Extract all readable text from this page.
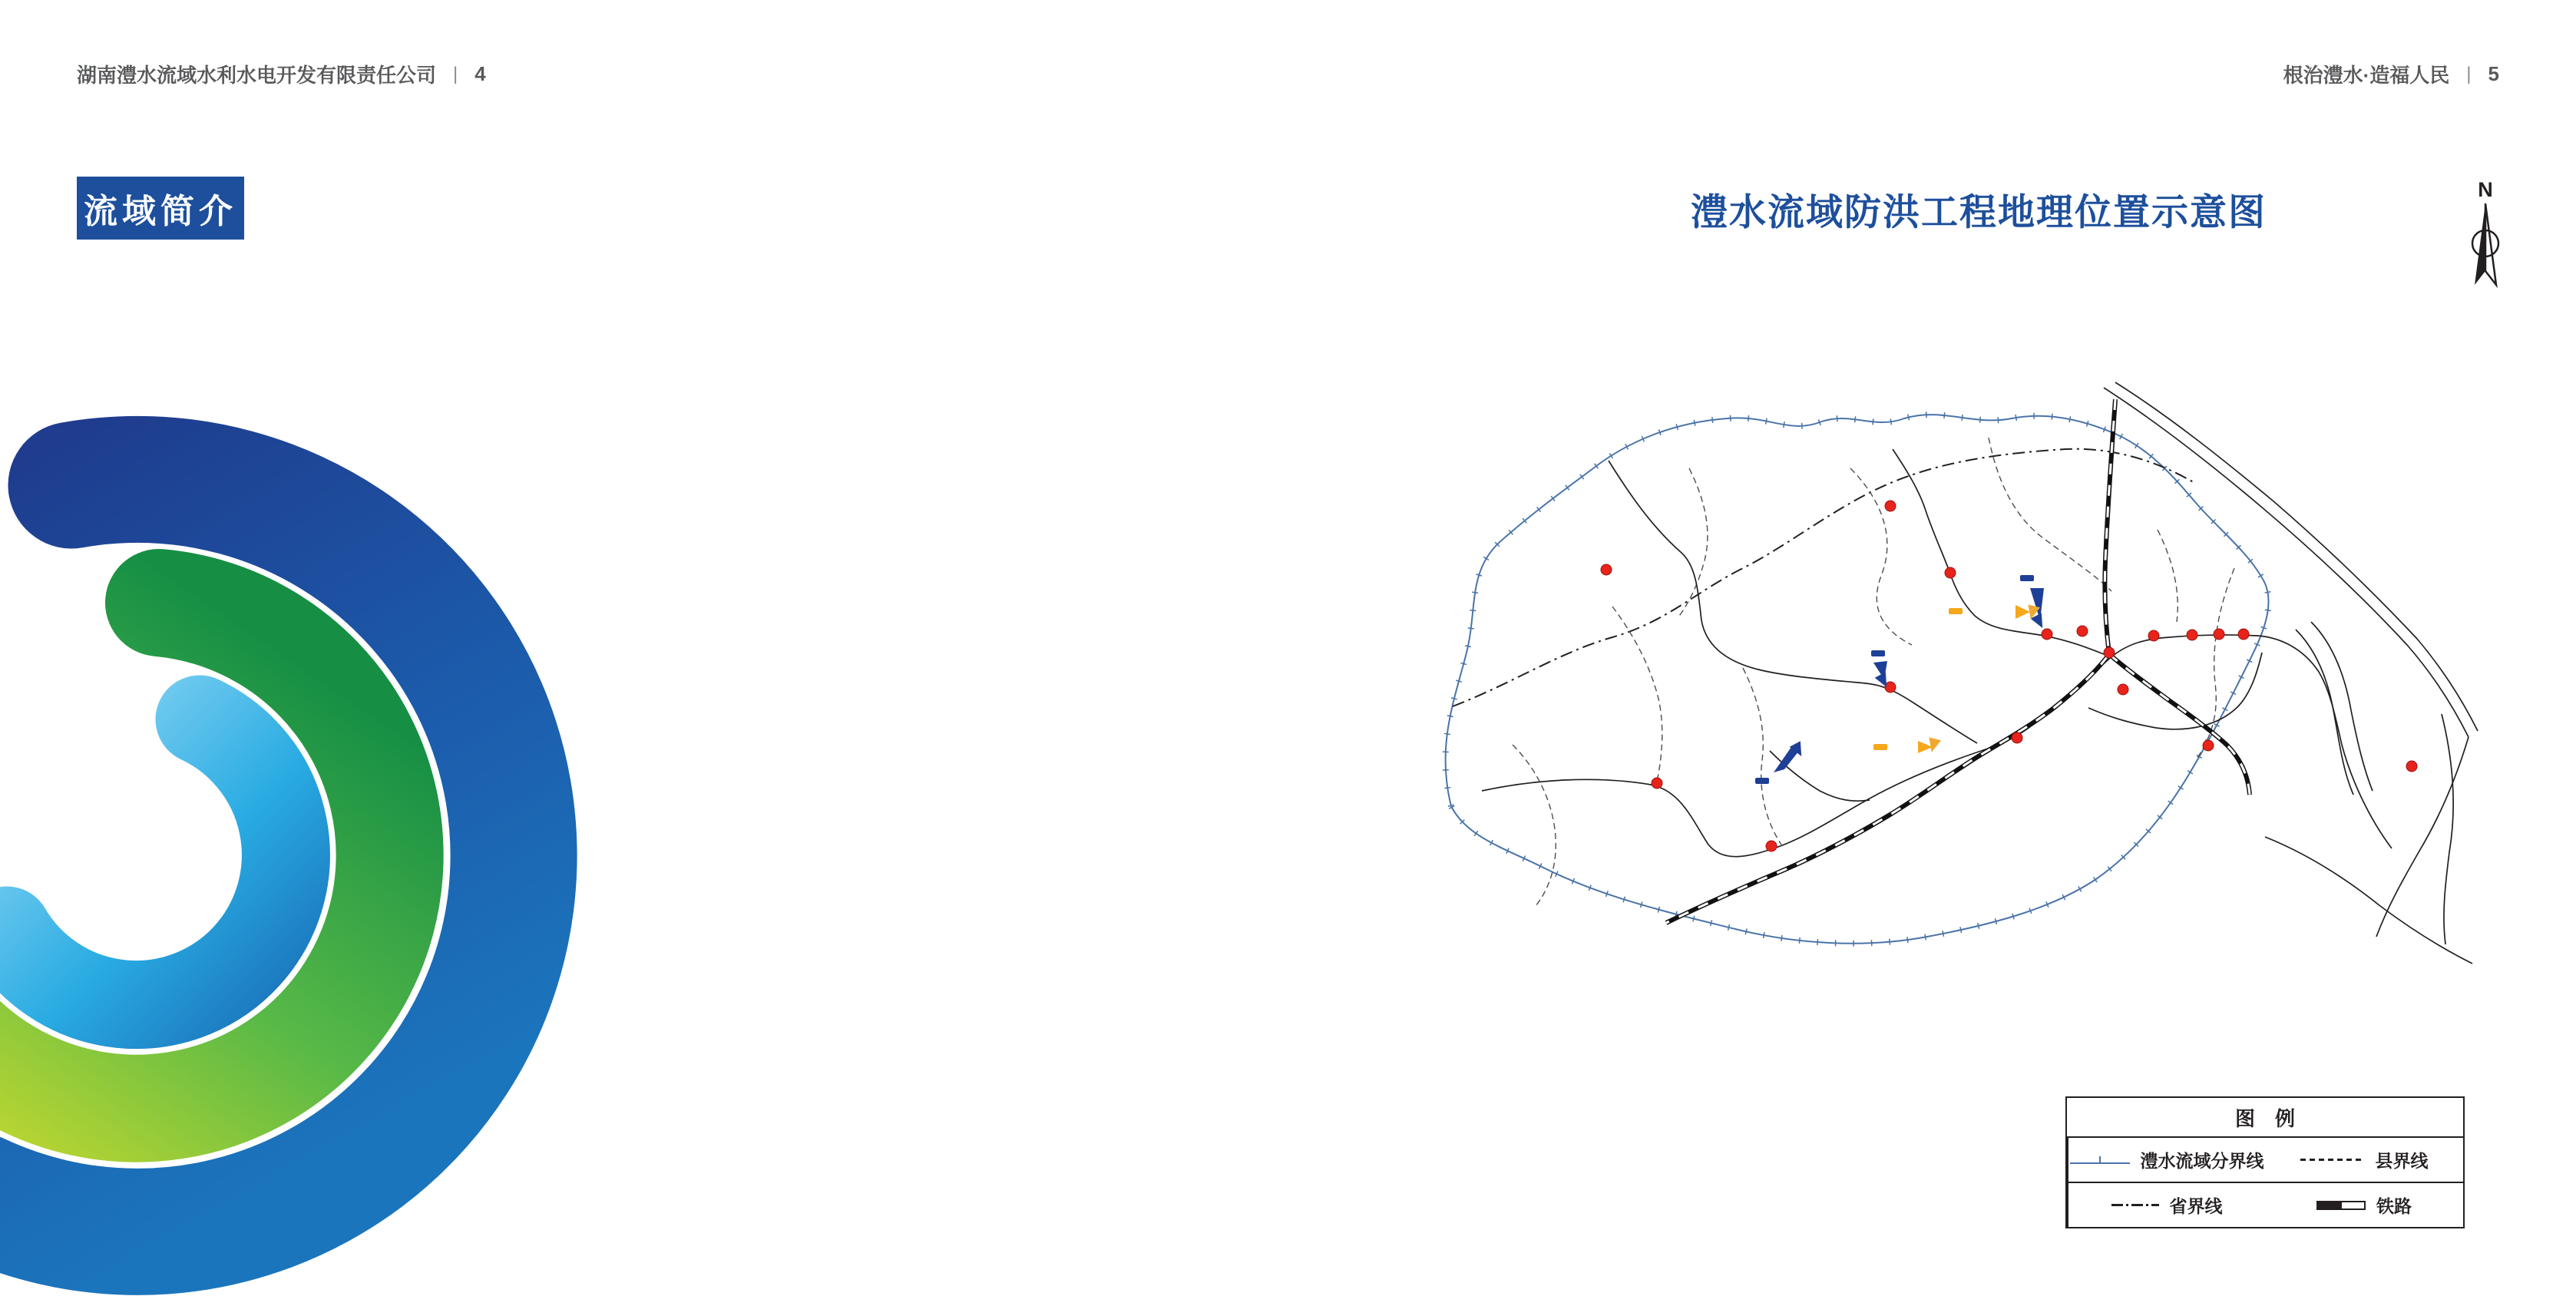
湖南澧水流域水利水电开发有限责任公司 | 4	根治澧水·造福人民 | 5
流域简介	澧水流域防洪工程地理位置示意图
N
图例
澧水流域分界线	县界线
省界线	铁路
